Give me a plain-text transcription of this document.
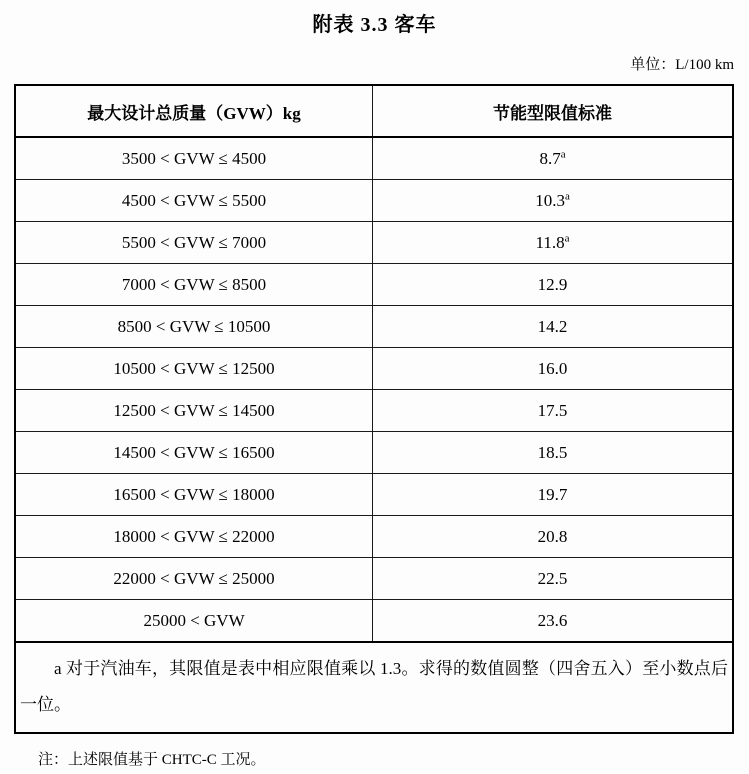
附表 3.3 客车
单位：L/100 km
最大设计总质量（GVW）kg	节能型限值标准
3500 < GVW ≤ 4500	8.7$^a$
4500 < GVW ≤ 5500	10.3$^a$
5500 < GVW ≤ 7000	11.8$^a$
7000 < GVW ≤ 8500	12.9
8500 < GVW ≤ 10500	14.2
10500 < GVW ≤ 12500	16.0
12500 < GVW ≤ 14500	17.5
14500 < GVW ≤ 16500	18.5
16500 < GVW ≤ 18000	19.7
18000 < GVW ≤ 22000	20.8
22000 < GVW ≤ 25000	22.5
25000 < GVW	23.6

a 对于汽油车，其限值是表中相应限值乘以 1.3。求得的数值圆整（四舍五入）至小数点后一位。	

注：上述限值基于 CHTC-C 工况。
